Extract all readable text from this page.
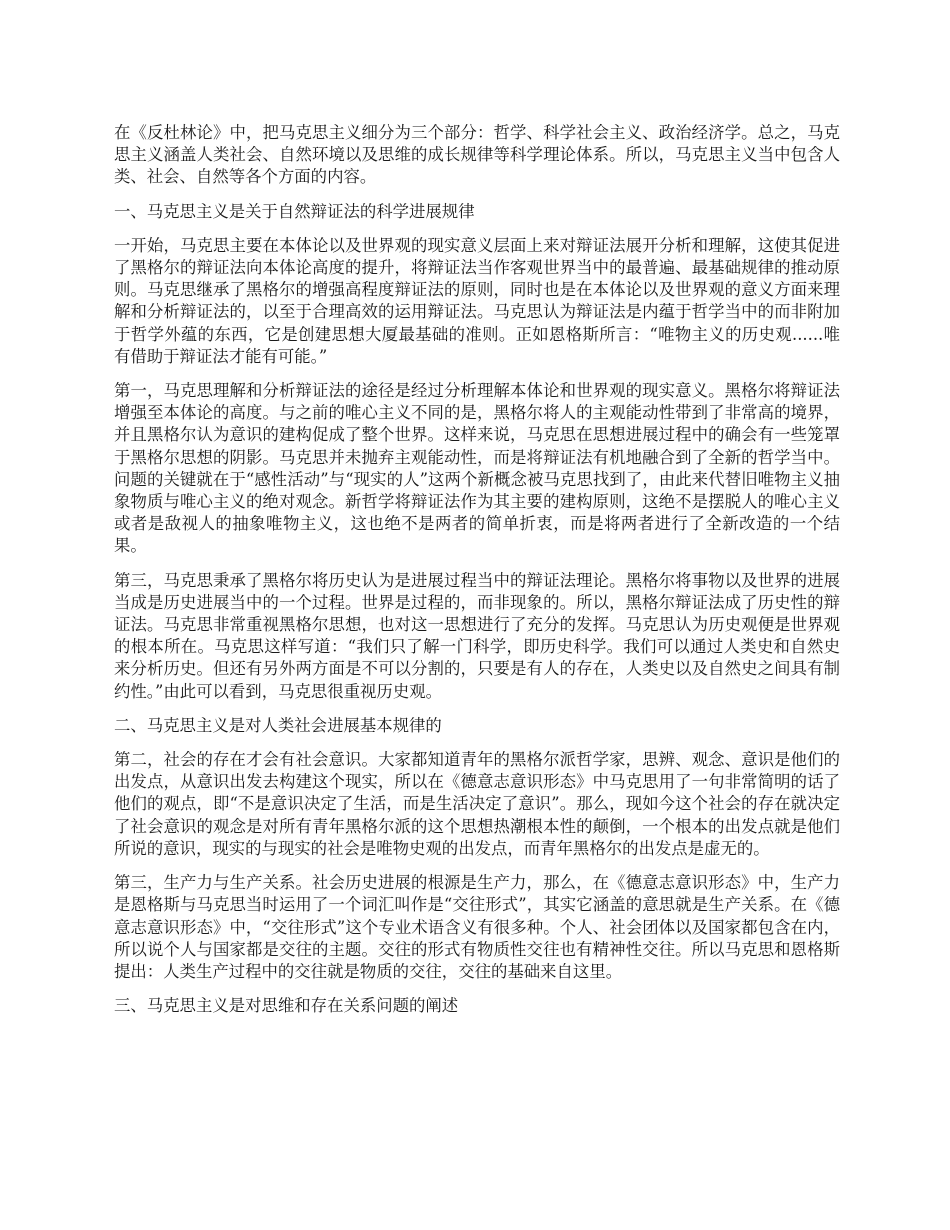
在《反杜林论》中，把马克思主义细分为三个部分：哲学、科学社会主义、政治经济学。总之，马克思主义涵盖人类社会、自然环境以及思维的成长规律等科学理论体系。所以，马克思主义当中包含人类、社会、自然等各个方面的内容。

一、马克思主义是关于自然辩证法的科学进展规律

一开始，马克思主要在本体论以及世界观的现实意义层面上来对辩证法展开分析和理解，这使其促进了黑格尔的辩证法向本体论高度的提升，将辩证法当作客观世界当中的最普遍、最基础规律的推动原则。马克思继承了黑格尔的增强高程度辩证法的原则，同时也是在本体论以及世界观的意义方面来理解和分析辩证法的，以至于合理高效的运用辩证法。马克思认为辩证法是内蕴于哲学当中的而非附加于哲学外蕴的东西，它是创建思想大厦最基础的准则。正如恩格斯所言：“唯物主义的历史观......唯有借助于辩证法才能有可能。”

第一，马克思理解和分析辩证法的途径是经过分析理解本体论和世界观的现实意义。黑格尔将辩证法增强至本体论的高度。与之前的唯心主义不同的是，黑格尔将人的主观能动性带到了非常高的境界，并且黑格尔认为意识的建构促成了整个世界。这样来说，马克思在思想进展过程中的确会有一些笼罩于黑格尔思想的阴影。马克思并未抛弃主观能动性，而是将辩证法有机地融合到了全新的哲学当中。问题的关键就在于“感性活动”与“现实的人”这两个新概念被马克思找到了，由此来代替旧唯物主义抽象物质与唯心主义的绝对观念。新哲学将辩证法作为其主要的建构原则，这绝不是摆脱人的唯心主义或者是敌视人的抽象唯物主义，这也绝不是两者的简单折衷，而是将两者进行了全新改造的一个结果。

第三，马克思秉承了黑格尔将历史认为是进展过程当中的辩证法理论。黑格尔将事物以及世界的进展当成是历史进展当中的一个过程。世界是过程的，而非现象的。所以，黑格尔辩证法成了历史性的辩证法。马克思非常重视黑格尔思想，也对这一思想进行了充分的发挥。马克思认为历史观便是世界观的根本所在。马克思这样写道：“我们只了解一门科学，即历史科学。我们可以通过人类史和自然史来分析历史。但还有另外两方面是不可以分割的，只要是有人的存在，人类史以及自然史之间具有制约性。”由此可以看到，马克思很重视历史观。

二、马克思主义是对人类社会进展基本规律的

第二，社会的存在才会有社会意识。大家都知道青年的黑格尔派哲学家，思辨、观念、意识是他们的出发点，从意识出发去构建这个现实，所以在《德意志意识形态》中马克思用了一句非常简明的话了他们的观点，即“不是意识决定了生活，而是生活决定了意识”。那么，现如今这个社会的存在就决定了社会意识的观念是对所有青年黑格尔派的这个思想热潮根本性的颠倒，一个根本的出发点就是他们所说的意识，现实的与现实的社会是唯物史观的出发点，而青年黑格尔的出发点是虚无的。

第三，生产力与生产关系。社会历史进展的根源是生产力，那么，在《德意志意识形态》中，生产力是恩格斯与马克思当时运用了一个词汇叫作是“交往形式”，其实它涵盖的意思就是生产关系。在《德意志意识形态》中，“交往形式”这个专业术语含义有很多种。个人、社会团体以及国家都包含在内，所以说个人与国家都是交往的主题。交往的形式有物质性交往也有精神性交往。所以马克思和恩格斯提出：人类生产过程中的交往就是物质的交往，交往的基础来自这里。

三、马克思主义是对思维和存在关系问题的阐述
